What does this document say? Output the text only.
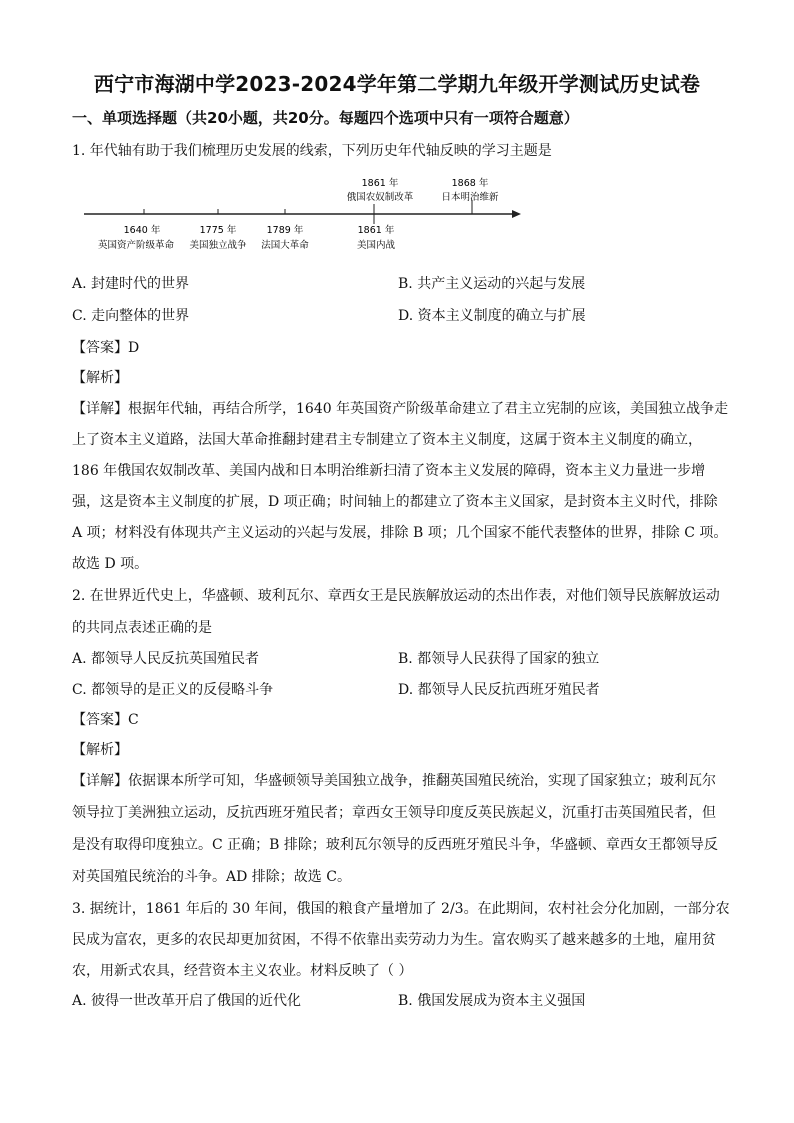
西宁市海湖中学2023-2024学年第二学期九年级开学测试历史试卷
一、单项选择题（共20小题，共20分。每题四个选项中只有一项符合题意）
1. 年代轴有助于我们梳理历史发展的线索，下列历史年代轴反映的学习主题是
1861 年
俄国农奴制改革
1868 年
日本明治维新
1640 年
英国资产阶级革命
1775 年
美国独立战争
1789 年
法国大革命
1861 年
美国内战
A. 封建时代的世界	B. 共产主义运动的兴起与发展
C. 走向整体的世界	D. 资本主义制度的确立与扩展
【答案】D
【解析】
【详解】根据年代轴，再结合所学，1640 年英国资产阶级革命建立了君主立宪制的应该，美国独立战争走
上了资本主义道路，法国大革命推翻封建君主专制建立了资本主义制度，这属于资本主义制度的确立，
186 年俄国农奴制改革、美国内战和日本明治维新扫清了资本主义发展的障碍，资本主义力量进一步增
强，这是资本主义制度的扩展，D 项正确；时间轴上的都建立了资本主义国家，是封资本主义时代，排除
A 项；材料没有体现共产主义运动的兴起与发展，排除 B 项；几个国家不能代表整体的世界，排除 C 项。
故选 D 项。
2. 在世界近代史上，华盛顿、玻利瓦尔、章西女王是民族解放运动的杰出作表，对他们领导民族解放运动
的共同点表述正确的是
A. 都领导人民反抗英国殖民者	B. 都领导人民获得了国家的独立
C. 都领导的是正义的反侵略斗争	D. 都领导人民反抗西班牙殖民者
【答案】C
【解析】
【详解】依据课本所学可知，华盛顿领导美国独立战争，推翻英国殖民统治，实现了国家独立；玻利瓦尔
领导拉丁美洲独立运动，反抗西班牙殖民者；章西女王领导印度反英民族起义，沉重打击英国殖民者，但
是没有取得印度独立。C 正确；B 排除；玻利瓦尔领导的反西班牙殖民斗争，华盛顿、章西女王都领导反
对英国殖民统治的斗争。AD 排除；故选 C。
3. 据统计，1861 年后的 30 年间，俄国的粮食产量增加了 2/3。在此期间，农村社会分化加剧，一部分农
民成为富农，更多的农民却更加贫困，不得不依靠出卖劳动力为生。富农购买了越来越多的土地，雇用贫
农，用新式农具，经营资本主义农业。材料反映了（ ）
A. 彼得一世改革开启了俄国的近代化	B. 俄国发展成为资本主义强国
